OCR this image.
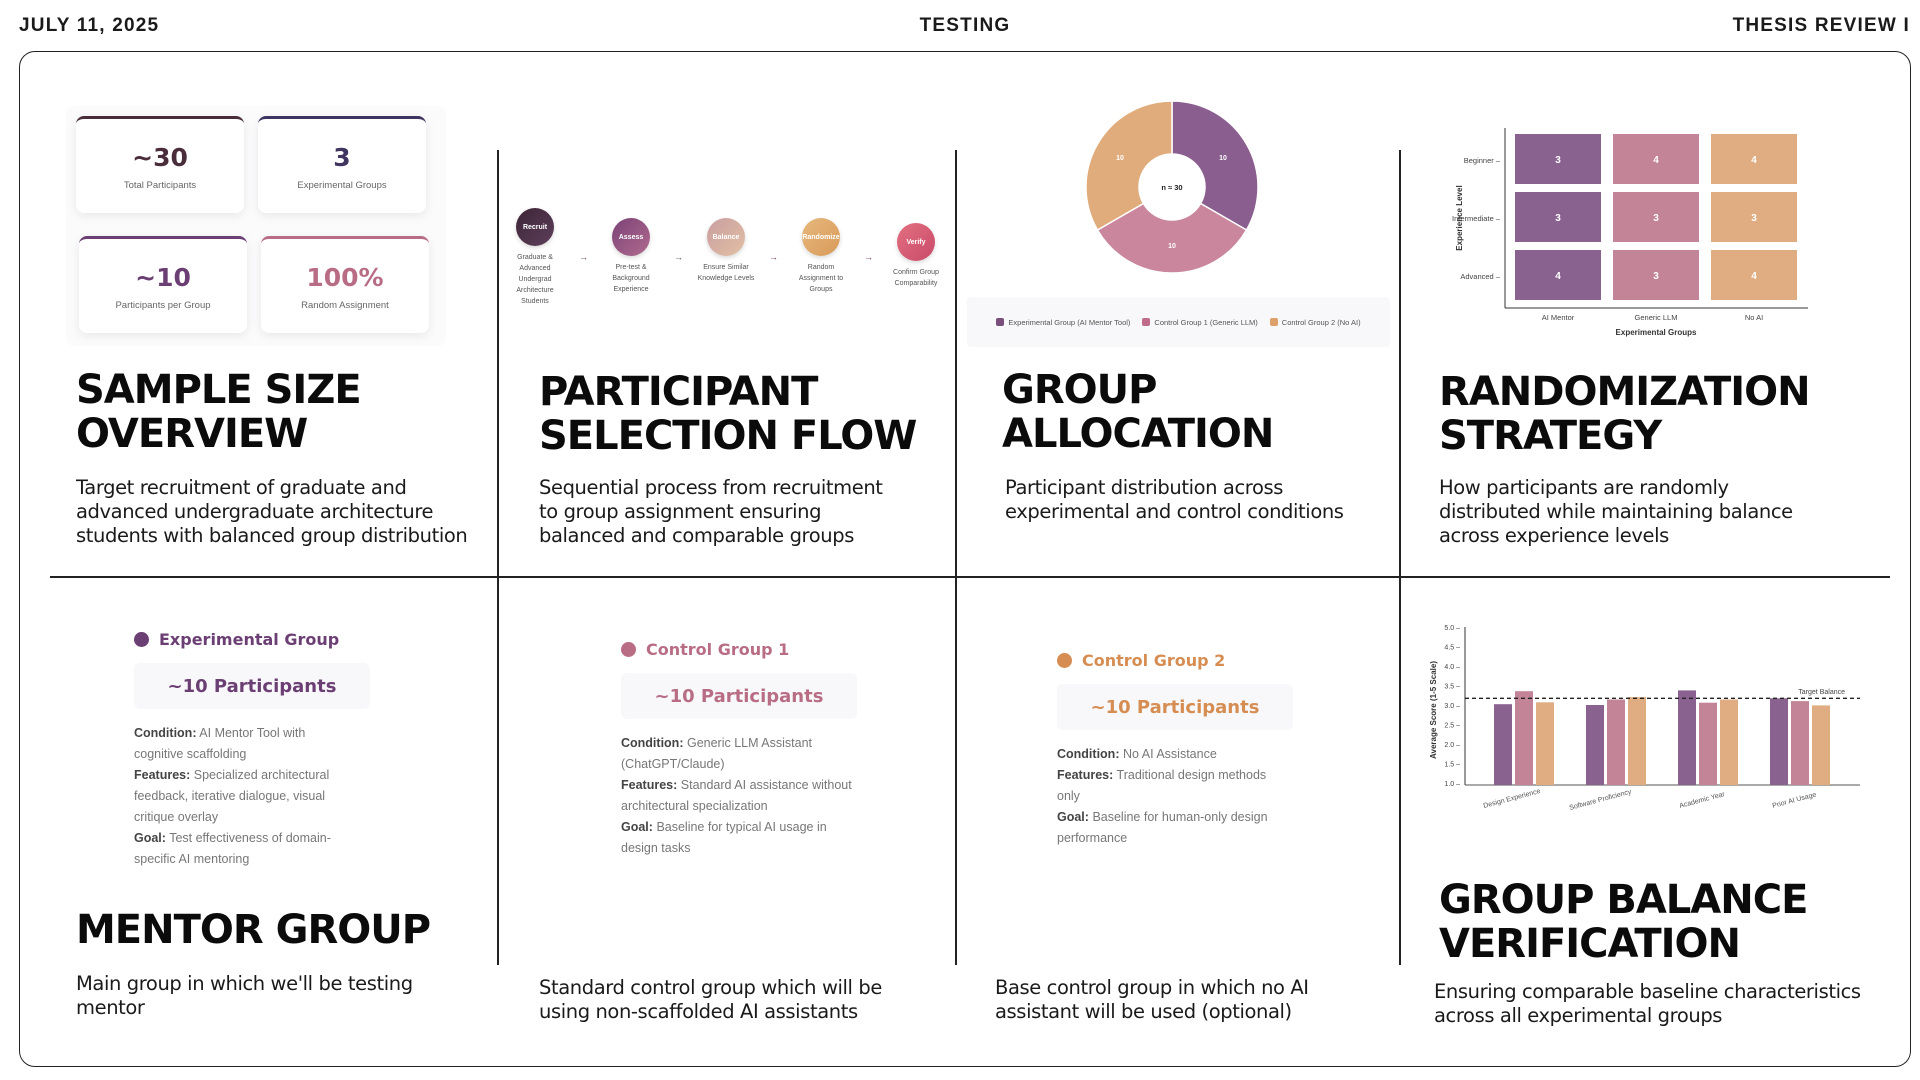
JULY 11, 2025	TESTING	THESIS REVIEW I
~30
Total Participants
3
Experimental Groups
~10
Participants per Group
100%
Random Assignment
SAMPLE SIZE
OVERVIEW
Target recruitment of graduate and advanced undergraduate architecture students with balanced group distribution
Recruit
Graduate & Advanced Undergrad Architecture Students
→
Assess
Pre-test & Background Experience
→
Balance
Ensure Similar Knowledge Levels
→
Randomize
Random Assignment to Groups
→
Verify
Confirm Group Comparability
PARTICIPANT
SELECTION FLOW
Sequential process from recruitment to group assignment ensuring balanced and comparable groups
10
10
10
n ≈ 30
Experimental Group (AI Mentor Tool)	Control Group 1 (Generic LLM)	Control Group 2 (No AI)
GROUP
ALLOCATION
Participant distribution across experimental and control conditions
Beginner –
Intermediate –
Advanced –
Experience Level
3	4	4
3	3	3
4	3	4
AI Mentor	Generic LLM	No AI
Experimental Groups
RANDOMIZATION
STRATEGY
How participants are randomly distributed while maintaining balance across experience levels
Experimental Group
~10 Participants
Condition: AI Mentor Tool with cognitive scaffolding
Features: Specialized architectural feedback, iterative dialogue, visual critique overlay
Goal: Test effectiveness of domain-specific AI mentoring
MENTOR GROUP
Main group in which we'll be testing mentor
Control Group 1
~10 Participants
Condition: Generic LLM Assistant (ChatGPT/Claude)
Features: Standard AI assistance without architectural specialization
Goal: Baseline for typical AI usage in design tasks
Standard control group which will be using non-scaffolded AI assistants
Control Group 2
~10 Participants
Condition: No AI Assistance
Features: Traditional design methods only
Goal: Baseline for human-only design performance
Base control group in which no AI assistant will be used (optional)
Average Score (1-5 Scale)
5.0 –
4.5 –
4.0 –
3.5 –
3.0 –
2.5 –
2.0 –
1.5 –
1.0 –
Target Balance
Design Experience	Software Proficiency	Academic Year	Prior AI Usage
GROUP BALANCE
VERIFICATION
Ensuring comparable baseline characteristics across all experimental groups
